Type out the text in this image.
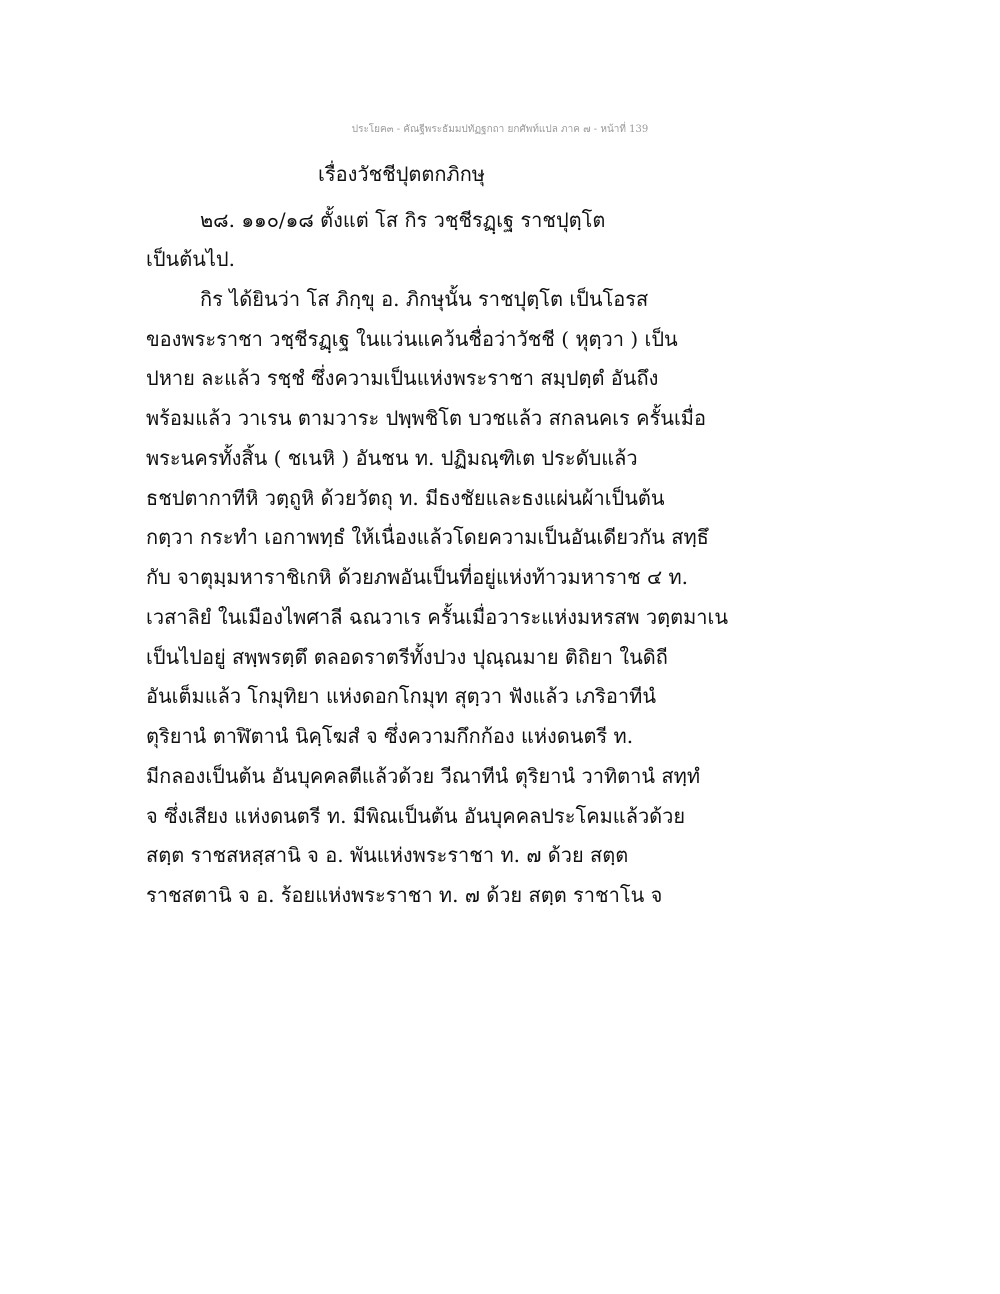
ประโยค๓ - คัณฐีพระธัมมปทัฏฐกถา ยกศัพท์แปล ภาค ๗ - หน้าที่ 139
เรื่องวัชชีปุตตกภิกษุ
๒๘. ๑๑๐/๑๘ ตั้งแต่ โส กิร วชฺชีรฏฺเฐ ราชปุตฺโต
เป็นต้นไป.
กิร ได้ยินว่า โส ภิกฺขุ อ. ภิกษุนั้น ราชปุตฺโต เป็นโอรส
ของพระราชา วชฺชีรฏฺเฐ ในแว่นแคว้นชื่อว่าวัชชี ( หุตฺวา ) เป็น
ปหาย ละแล้ว รชฺชํ ซึ่งความเป็นแห่งพระราชา สมฺปตฺตํ อันถึง
พร้อมแล้ว วาเรน ตามวาระ ปพฺพชิโต บวชแล้ว สกลนคเร ครั้นเมื่อ
พระนครทั้งสิ้น ( ชเนหิ ) อันชน ท. ปฏิมณฺฑิเต ประดับแล้ว
ธชปตากาทีหิ วตฺถูหิ ด้วยวัตถุ ท. มีธงชัยและธงแผ่นผ้าเป็นต้น
กตฺวา กระทำ เอกาพทฺธํ ให้เนื่องแล้วโดยความเป็นอันเดียวกัน สทฺธึ
กับ จาตุมฺมหาราชิเกหิ ด้วยภพอันเป็นที่อยู่แห่งท้าวมหาราช ๔ ท.
เวสาลิยํ ในเมืองไพศาลี ฉณวาเร ครั้นเมื่อวาระแห่งมหรสพ วตฺตมาเน
เป็นไปอยู่ สพฺพรตฺตึ ตลอดราตรีทั้งปวง ปุณฺณมาย ติถิยา ในดิถี
อันเต็มแล้ว โกมุทิยา แห่งดอกโกมุท สุตฺวา ฟังแล้ว เภริอาทีนํ
ตุริยานํ ตาฬิตานํ นิคฺโฆสํ จ ซึ่งความกึกก้อง แห่งดนตรี ท.
มีกลองเป็นต้น อันบุคคลตีแล้วด้วย วีณาทีนํ ตุริยานํ วาทิตานํ สทฺทํ
จ ซึ่งเสียง แห่งดนตรี ท. มีพิณเป็นต้น อันบุคคลประโคมแล้วด้วย
สตฺต ราชสหสฺสานิ จ อ. พันแห่งพระราชา ท. ๗ ด้วย สตฺต
ราชสตานิ จ อ. ร้อยแห่งพระราชา ท. ๗ ด้วย สตฺต ราชาโน จ
